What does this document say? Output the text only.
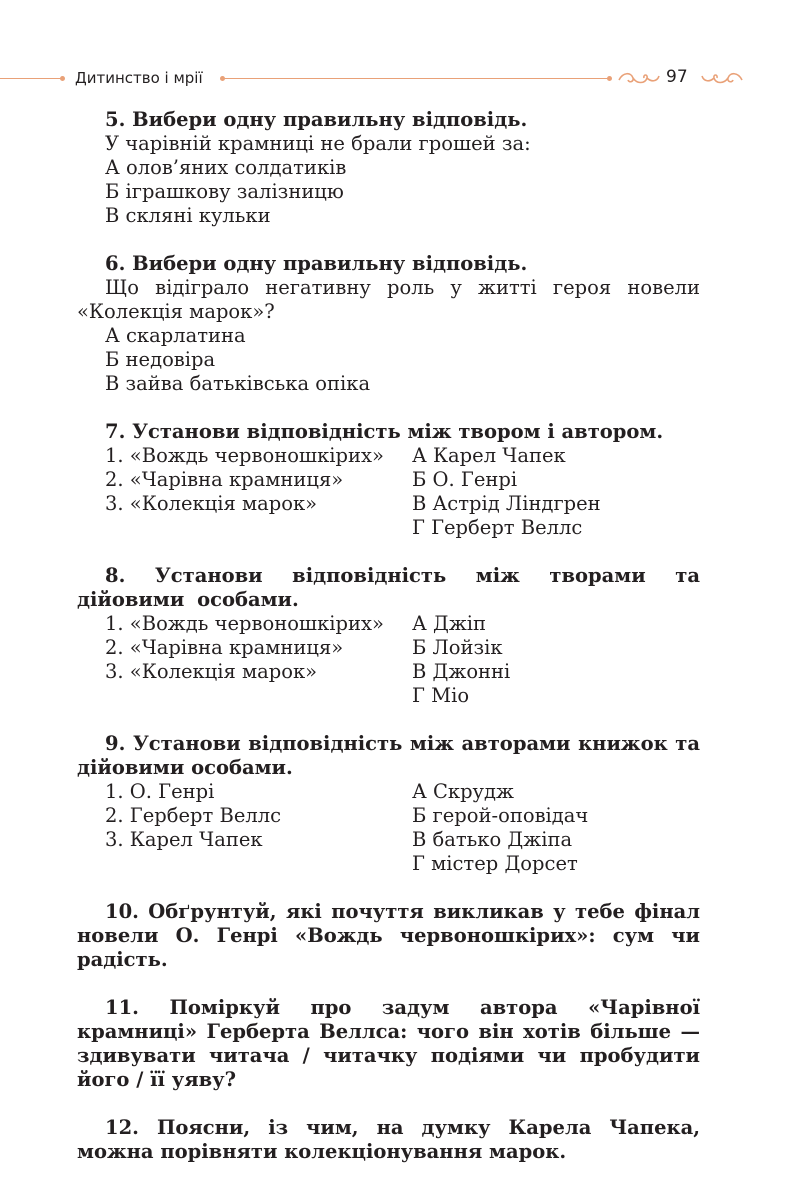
Дитинство і мрії	97
5. Вибери одну правильну відповідь.
У чарівній крамниці не брали грошей за:
А олов’яних солдатиків
Б іграшкову залізницю
В скляні кульки
6. Вибери одну правильну відповідь.
Що відіграло негативну роль у житті героя новели «Колекція марок»?
А скарлатина
Б недовіра
В зайва батьківська опіка
7. Установи відповідність між твором і автором.
1. «Вождь червоношкірих»
2. «Чарівна крамниця»
3. «Колекція марок»
А Карел Чапек
Б О. Генрі
В Астрід Ліндгрен
Г Герберт Веллс
8. Установи відповідність між творами та дійовими особами.
1. «Вождь червоношкірих»
2. «Чарівна крамниця»
3. «Колекція марок»
А Джіп
Б Лойзік
В Джонні
Г Міо
9. Установи відповідність між авторами книжок та дійовими особами.
1. О. Генрі
2. Герберт Веллс
3. Карел Чапек
А Скрудж
Б герой-оповідач
В батько Джіпа
Г містер Дорсет
10. Обґрунтуй, які почуття викликав у тебе фінал новели О. Генрі «Вождь червоношкірих»: сум чи радість.
11. Поміркуй про задум автора «Чарівної крамниці» Герберта Веллса: чого він хотів більше — здивувати читача / читачку подіями чи пробудити його / її уяву?
12. Поясни, із чим, на думку Карела Чапека, можна порівняти колекціонування марок.
